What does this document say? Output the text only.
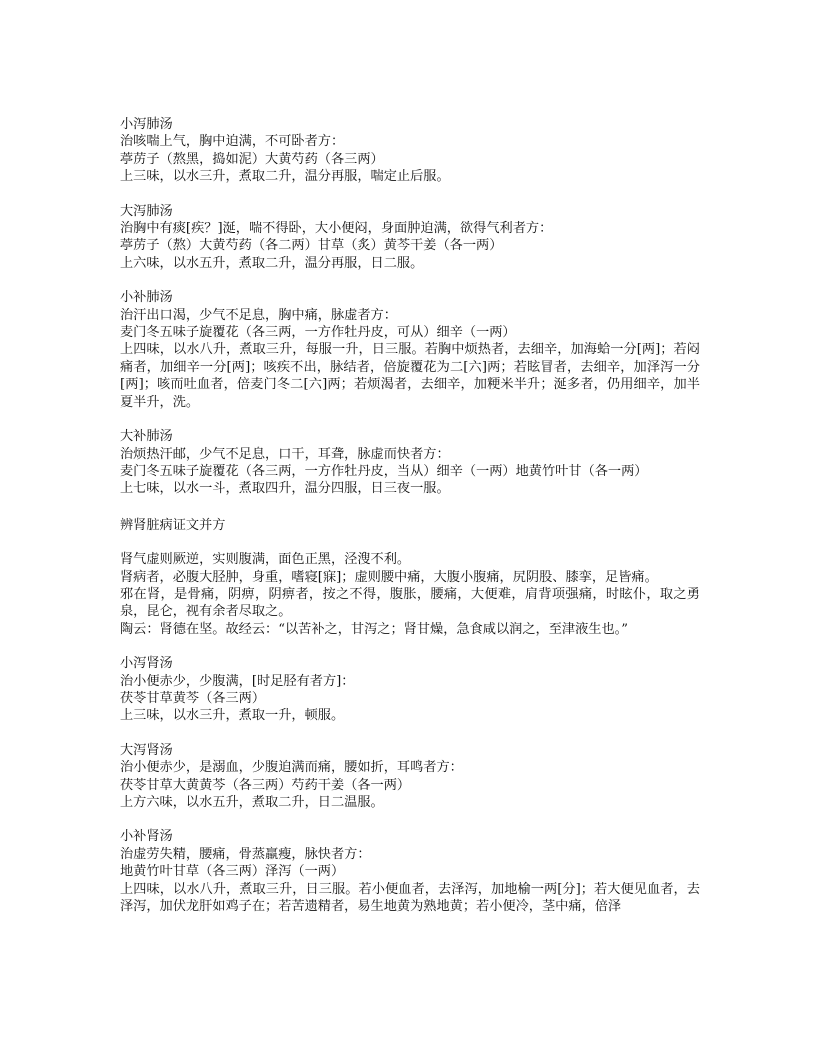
小泻肺汤

治咳喘上气，胸中迫满，不可卧者方：

葶苈子（熬黑，捣如泥）大黄芍药（各三两）

上三味，以水三升，煮取二升，温分再服，喘定止后服。

大泻肺汤

治胸中有痰[疾？]涎，喘不得卧，大小便闷，身面肿迫满，欲得气利者方：

葶苈子（熬）大黄芍药（各二两）甘草（炙）黄芩干姜（各一两）

上六味，以水五升，煮取二升，温分再服，日二服。

小补肺汤

治汗出口渴，少气不足息，胸中痛，脉虚者方：

麦门冬五味子旋覆花（各三两，一方作牡丹皮，可从）细辛（一两）

上四味，以水八升，煮取三升，每服一升，日三服。若胸中烦热者，去细辛，加海蛤一分[两]；若闷痛者，加细辛一分[两]；咳疾不出，脉结者，倍旋覆花为二[六]两；若眩冒者，去细辛，加泽泻一分[两]；咳而吐血者，倍麦门冬二[六]两；若烦渴者，去细辛，加粳米半升；涎多者，仍用细辛，加半夏半升，洗。

大补肺汤

治烦热汗邮，少气不足息，口干，耳聋，脉虚而快者方：

麦门冬五味子旋覆花（各三两，一方作牡丹皮，当从）细辛（一两）地黄竹叶甘（各一两）

上七味，以水一斗，煮取四升，温分四服，日三夜一服。

辨肾脏病证文并方

肾气虚则厥逆，实则腹满，面色正黑，泾溲不利。

肾病者，必腹大胫肿，身重，嗜寝[寐]；虚则腰中痛，大腹小腹痛，尻阴股、膝挛，足皆痛。

邪在肾，是骨痛，阴痹，阴痹者，按之不得，腹胀，腰痛，大便难，肩背项强痛，时眩仆，取之勇泉，昆仑，视有余者尽取之。

陶云：肾德在坚。故经云：“以苦补之，甘泻之；肾甘燥，急食咸以润之，至津液生也。”

小泻肾汤

治小便赤少，少腹满，[时足胫有者方]：

茯苓甘草黄芩（各三两）

上三味，以水三升，煮取一升，顿服。

大泻肾汤

治小便赤少，是溺血，少腹迫满而痛，腰如折，耳鸣者方：

茯苓甘草大黄黄芩（各三两）芍药干姜（各一两）

上方六味，以水五升，煮取二升，日二温服。

小补肾汤

治虚劳失精，腰痛，骨蒸羸瘦，脉快者方：

地黄竹叶甘草（各三两）泽泻（一两）

上四味，以水八升，煮取三升，日三服。若小便血者，去泽泻，加地榆一两[分]；若大便见血者，去泽泻，加伏龙肝如鸡子在；若苦遗精者，易生地黄为熟地黄；若小便冷，茎中痛，倍泽
